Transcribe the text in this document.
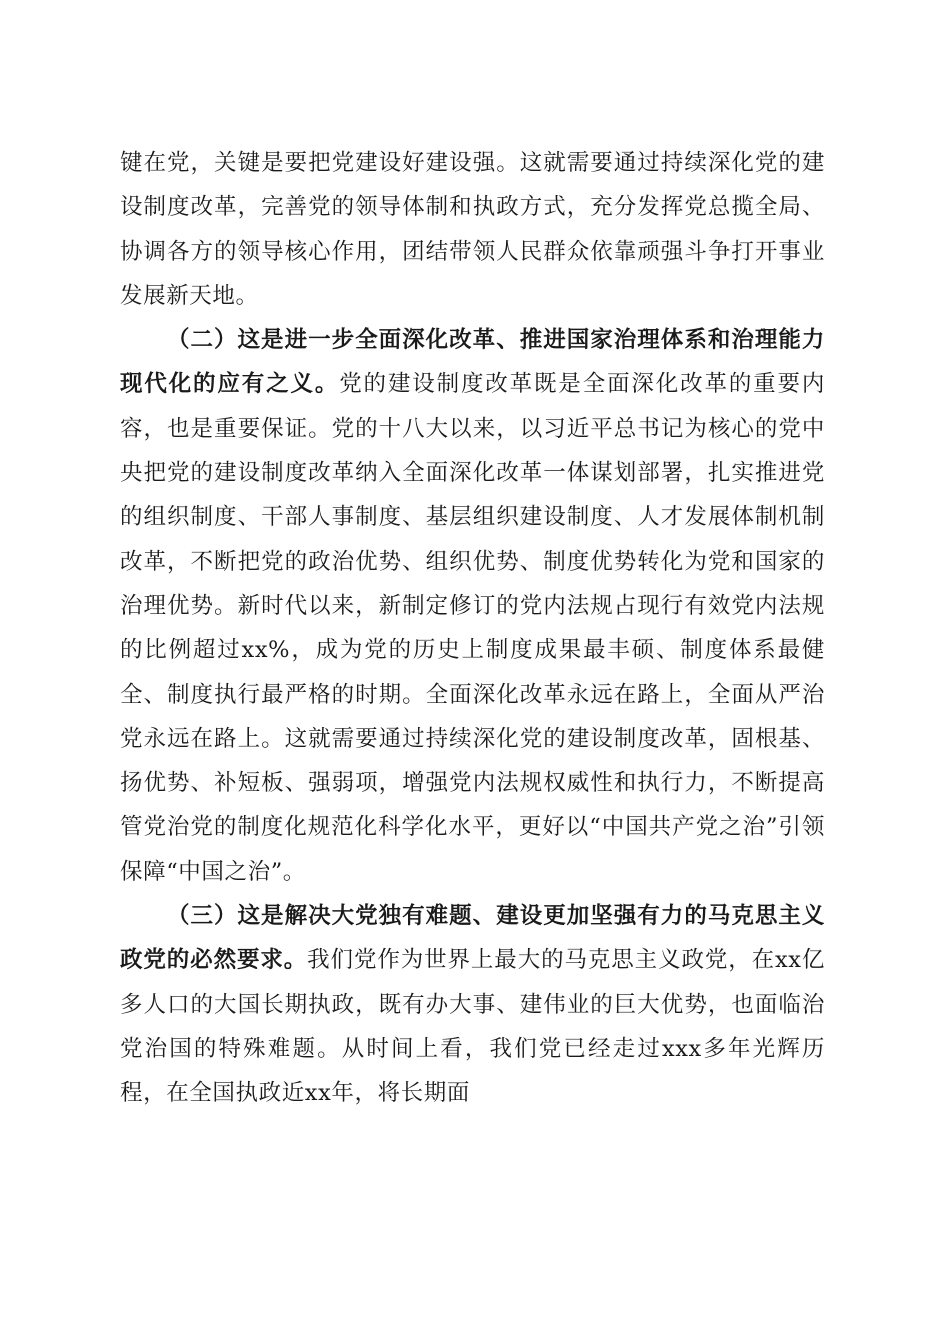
键在党，关键是要把党建设好建设强。这就需要通过持续深化党的建设制度改革，完善党的领导体制和执政方式，充分发挥党总揽全局、协调各方的领导核心作用，团结带领人民群众依靠顽强斗争打开事业发展新天地。

（二）这是进一步全面深化改革、推进国家治理体系和治理能力现代化的应有之义。党的建设制度改革既是全面深化改革的重要内容，也是重要保证。党的十八大以来，以习近平总书记为核心的党中央把党的建设制度改革纳入全面深化改革一体谋划部署，扎实推进党的组织制度、干部人事制度、基层组织建设制度、人才发展体制机制改革，不断把党的政治优势、组织优势、制度优势转化为党和国家的治理优势。新时代以来，新制定修订的党内法规占现行有效党内法规的比例超过xx%，成为党的历史上制度成果最丰硕、制度体系最健全、制度执行最严格的时期。全面深化改革永远在路上，全面从严治党永远在路上。这就需要通过持续深化党的建设制度改革，固根基、扬优势、补短板、强弱项，增强党内法规权威性和执行力，不断提高管党治党的制度化规范化科学化水平，更好以“中国共产党之治”引领保障“中国之治”。

（三）这是解决大党独有难题、建设更加坚强有力的马克思主义政党的必然要求。我们党作为世界上最大的马克思主义政党，在xx亿多人口的大国长期执政，既有办大事、建伟业的巨大优势，也面临治党治国的特殊难题。从时间上看，我们党已经走过xxx多年光辉历程，在全国执政近xx年，将长期面
